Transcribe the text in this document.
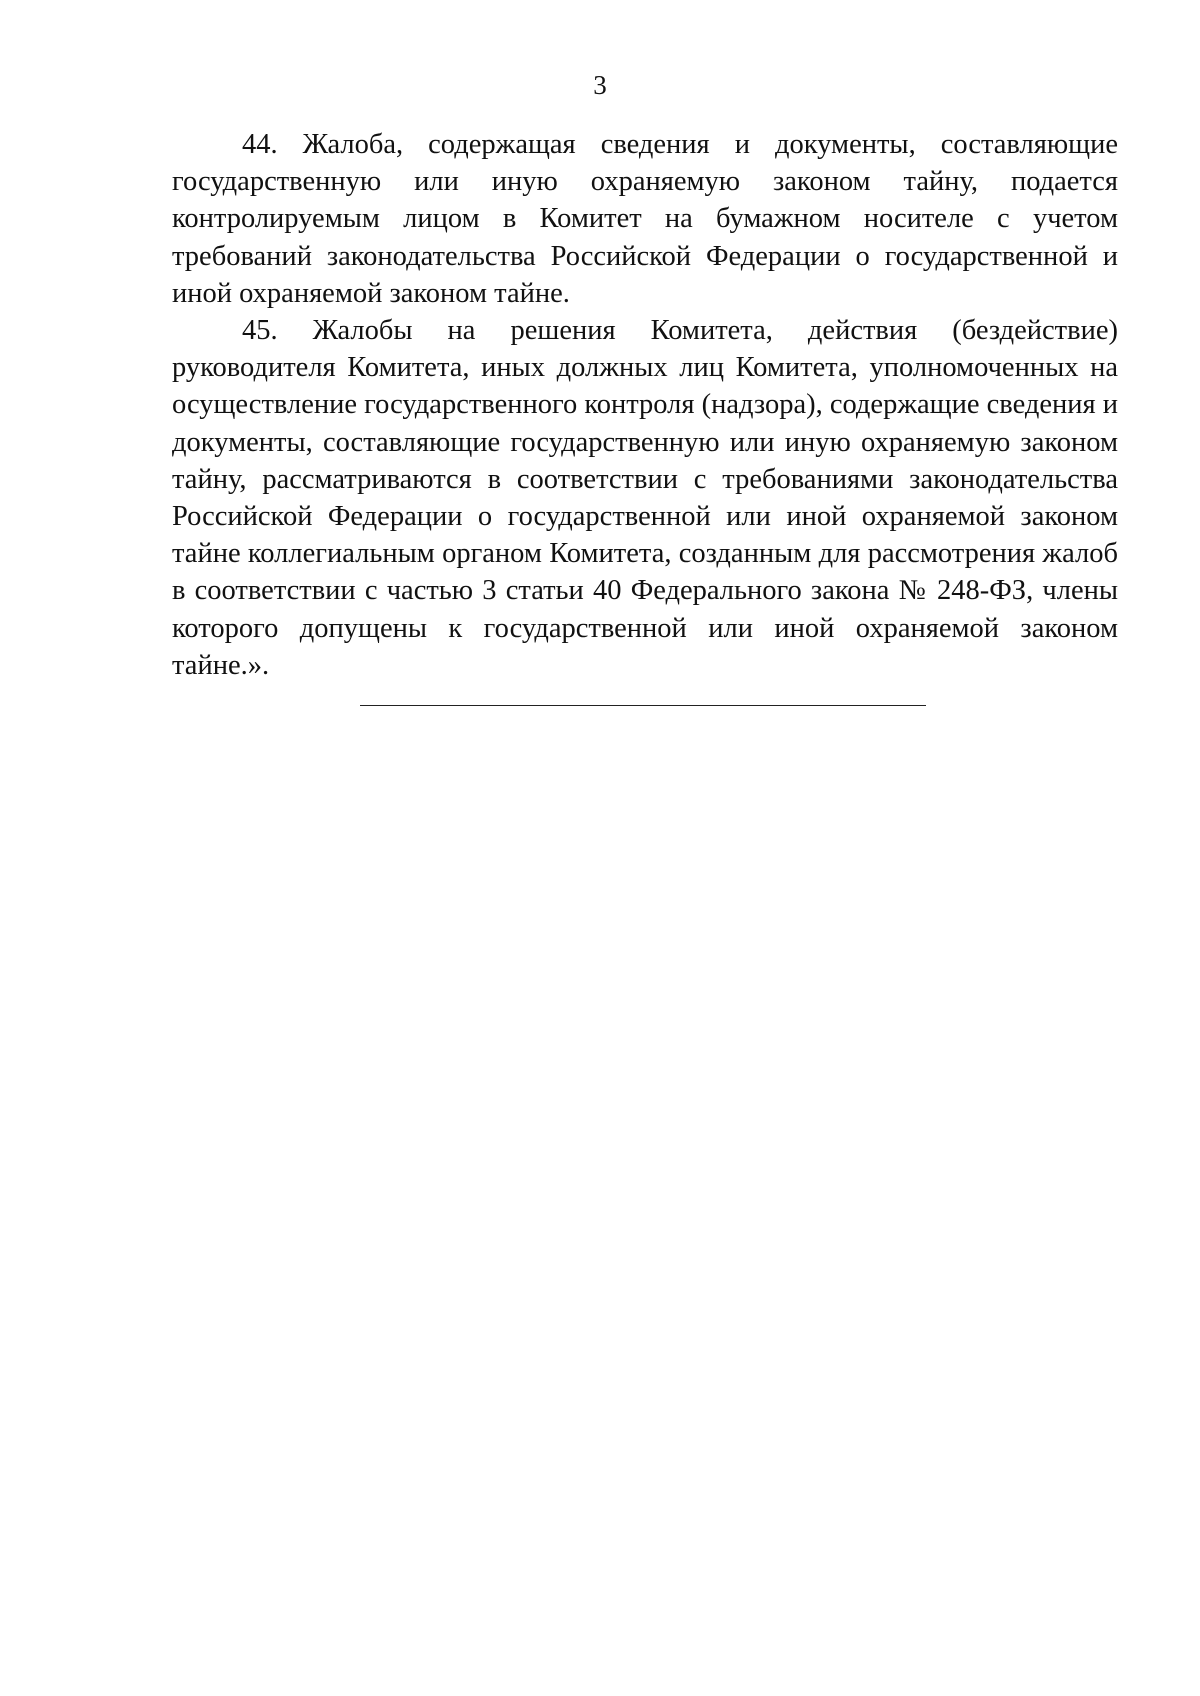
3

44. Жалоба, содержащая сведения и документы, составляющие государственную или иную охраняемую законом тайну, подается контролируемым лицом в Комитет на бумажном носителе с учетом требований законодательства Российской Федерации о государственной и иной охраняемой законом тайне.

45. Жалобы на решения Комитета, действия (бездействие) руководителя Комитета, иных должных лиц Комитета, уполномоченных на осуществление государственного контроля (надзора), содержащие сведения и документы, составляющие государственную или иную охраняемую законом тайну, рассматриваются в соответствии с требованиями законодательства Российской Федерации о государственной или иной охраняемой законом тайне коллегиальным органом Комитета, созданным для рассмотрения жалоб в соответствии с частью 3 статьи 40 Федерального закона № 248-ФЗ, члены которого допущены к государственной или иной охраняемой законом тайне.».
